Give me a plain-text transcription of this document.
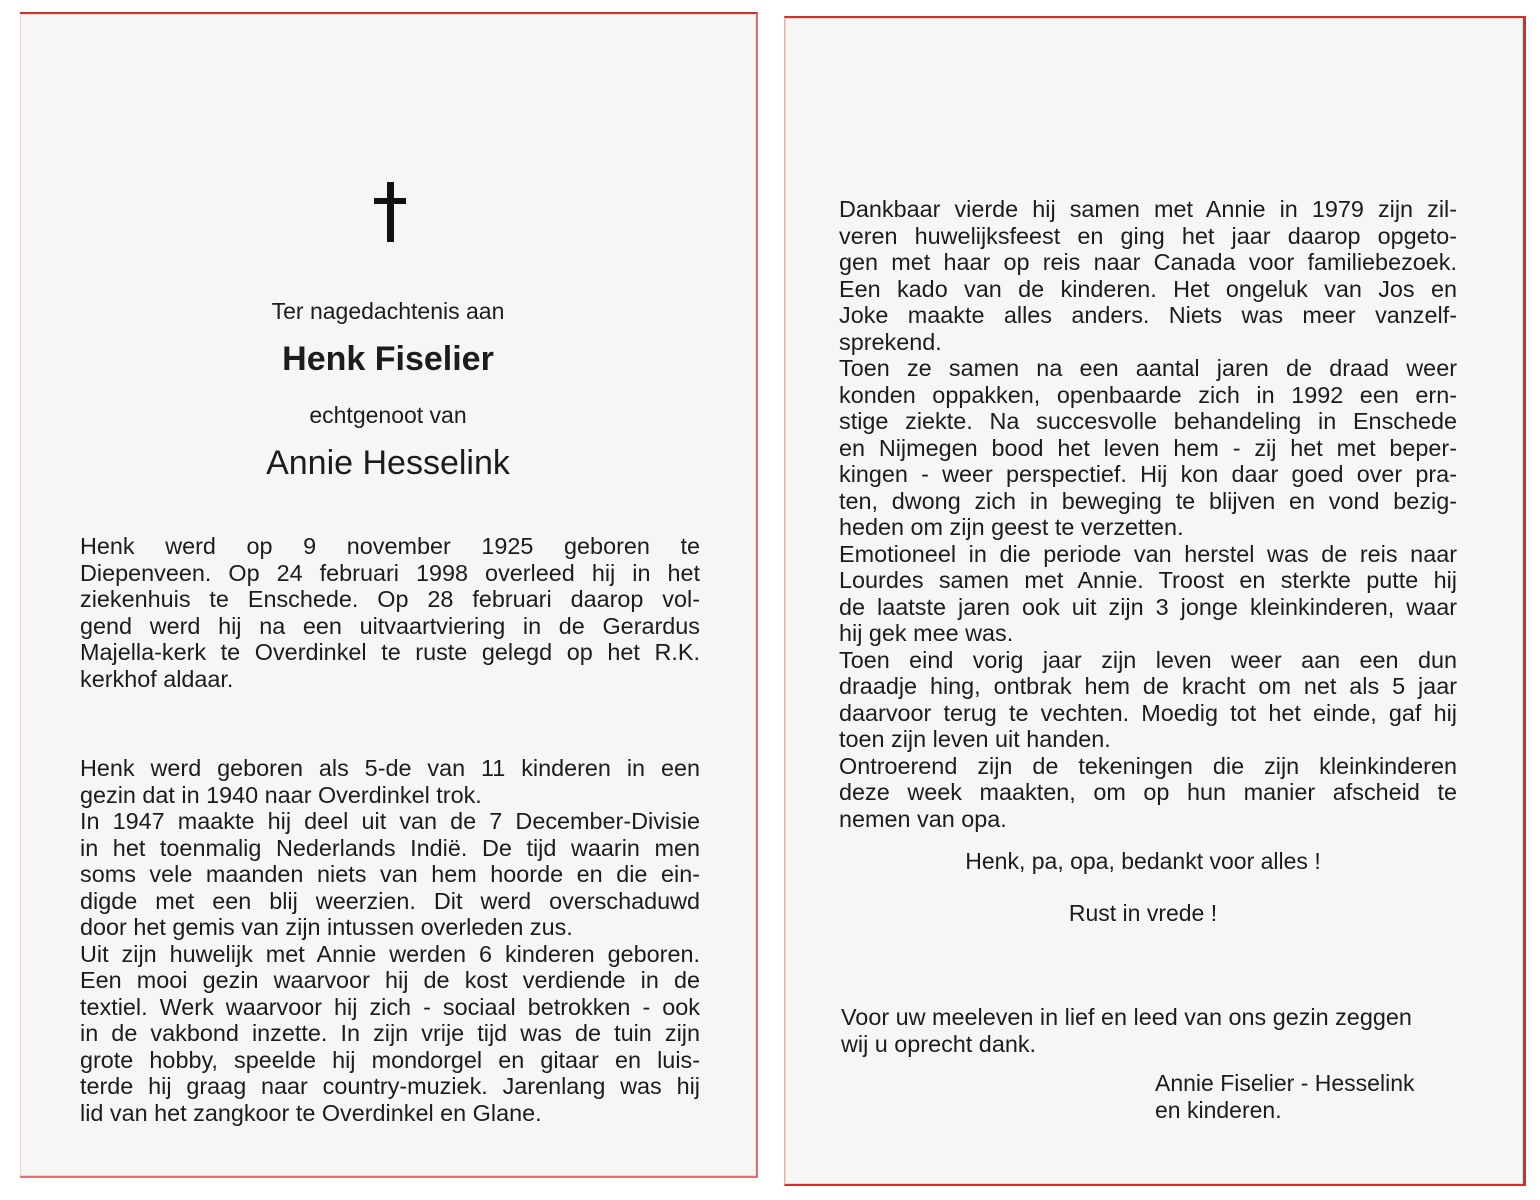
Ter nagedachtenis aan
Henk Fiselier
echtgenoot van
Annie Hesselink
Henk werd op 9 november 1925 geboren te
Diepenveen. Op 24 februari 1998 overleed hij in het
ziekenhuis te Enschede. Op 28 februari daarop vol-
gend werd hij na een uitvaartviering in de Gerardus
Majella-kerk te Overdinkel te ruste gelegd op het R.K.
kerkhof aldaar.
Henk werd geboren als 5-de van 11 kinderen in een
gezin dat in 1940 naar Overdinkel trok.
In 1947 maakte hij deel uit van de 7 December-Divisie
in het toenmalig Nederlands Indië. De tijd waarin men
soms vele maanden niets van hem hoorde en die ein-
digde met een blij weerzien. Dit werd overschaduwd
door het gemis van zijn intussen overleden zus.
Uit zijn huwelijk met Annie werden 6 kinderen geboren.
Een mooi gezin waarvoor hij de kost verdiende in de
textiel. Werk waarvoor hij zich - sociaal betrokken - ook
in de vakbond inzette. In zijn vrije tijd was de tuin zijn
grote hobby, speelde hij mondorgel en gitaar en luis-
terde hij graag naar country-muziek. Jarenlang was hij
lid van het zangkoor te Overdinkel en Glane.
Dankbaar vierde hij samen met Annie in 1979 zijn zil-
veren huwelijksfeest en ging het jaar daarop opgeto-
gen met haar op reis naar Canada voor familiebezoek.
Een kado van de kinderen. Het ongeluk van Jos en
Joke maakte alles anders. Niets was meer vanzelf-
sprekend.
Toen ze samen na een aantal jaren de draad weer
konden oppakken, openbaarde zich in 1992 een ern-
stige ziekte. Na succesvolle behandeling in Enschede
en Nijmegen bood het leven hem - zij het met beper-
kingen - weer perspectief. Hij kon daar goed over pra-
ten, dwong zich in beweging te blijven en vond bezig-
heden om zijn geest te verzetten.
Emotioneel in die periode van herstel was de reis naar
Lourdes samen met Annie. Troost en sterkte putte hij
de laatste jaren ook uit zijn 3 jonge kleinkinderen, waar
hij gek mee was.
Toen eind vorig jaar zijn leven weer aan een dun
draadje hing, ontbrak hem de kracht om net als 5 jaar
daarvoor terug te vechten. Moedig tot het einde, gaf hij
toen zijn leven uit handen.
Ontroerend zijn de tekeningen die zijn kleinkinderen
deze week maakten, om op hun manier afscheid te
nemen van opa.
Henk, pa, opa, bedankt voor alles !
Rust in vrede !
Voor uw meeleven in lief en leed van ons gezin zeggen
wij u oprecht dank.
Annie Fiselier - Hesselink
en kinderen.
